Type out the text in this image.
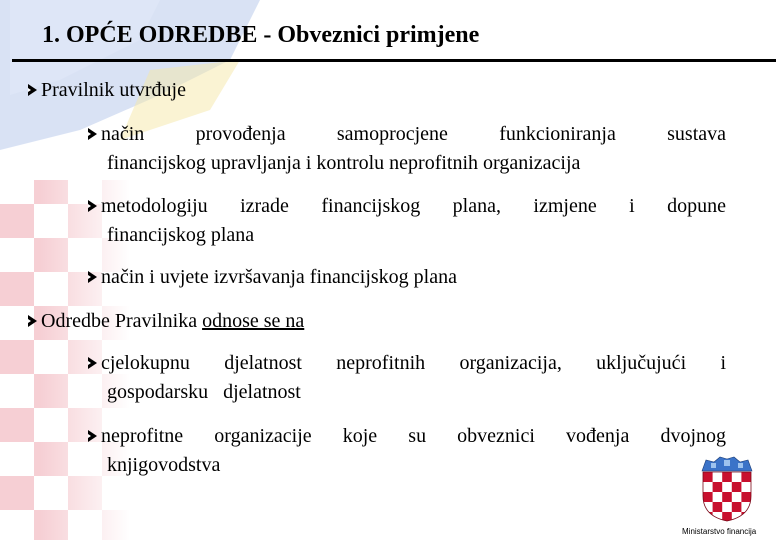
1. OPĆE ODREDBE - Obveznici primjene
Pravilnik utvrđuje
način provođenja samoprocjene funkcioniranja sustava
financijskog upravljanja i kontrolu neprofitnih organizacija
metodologiju izrade financijskog plana, izmjene i dopune
financijskog plana
način i uvjete izvršavanja financijskog plana
Odredbe Pravilnika odnose se na
cjelokupnu djelatnost neprofitnih organizacija, uključujući i
gospodarsku   djelatnost
neprofitne organizacije koje su obveznici vođenja dvojnog
knjigovodstva
Ministarstvo financija
